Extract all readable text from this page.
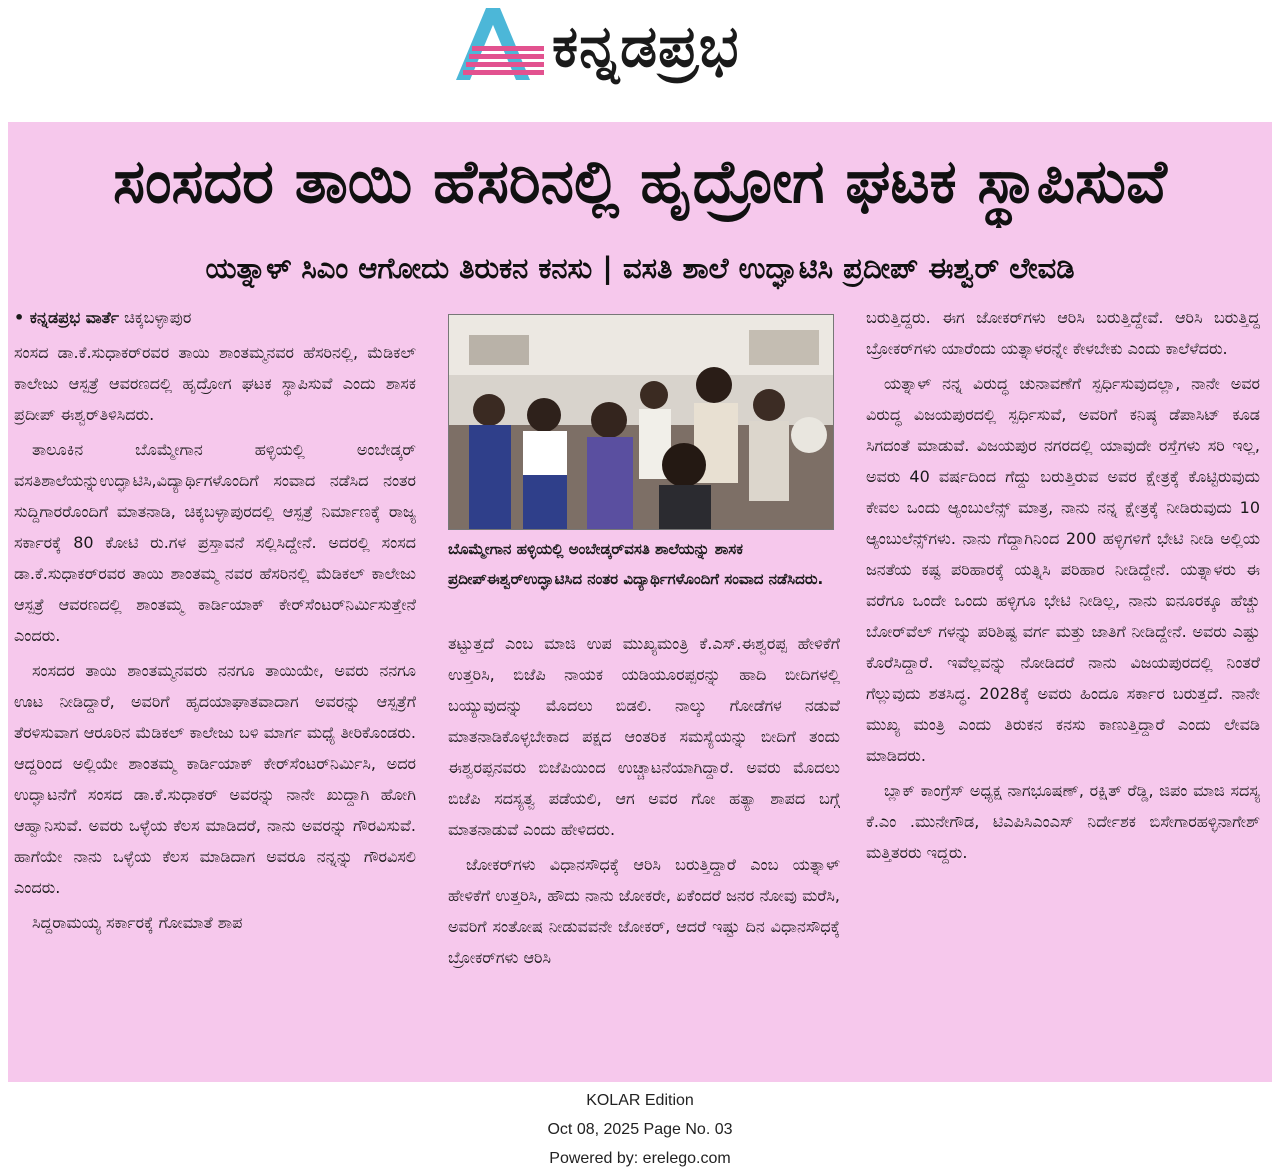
ಕನ್ನಡಪ್ರಭ
ಸಂಸದರ ತಾಯಿ ಹೆಸರಿನಲ್ಲಿ ಹೃದ್ರೋಗ ಘಟಕ ಸ್ಥಾಪಿಸುವೆ
ಯತ್ನಾಳ್ ಸಿಎಂ ಆಗೋದು ತಿರುಕನ ಕನಸು | ವಸತಿ ಶಾಲೆ ಉದ್ಘಾಟಿಸಿ ಪ್ರದೀಪ್ ಈಶ್ವರ್ ಲೇವಡಿ

• ಕನ್ನಡಪ್ರಭ ವಾರ್ತೆ ಚಿಕ್ಕಬಳ್ಳಾಪುರ

ಸಂಸದ ಡಾ.ಕೆ.ಸುಧಾಕರ್‌ರವರ ತಾಯಿ ಶಾಂತಮ್ಮನವರ ಹೆಸರಿನಲ್ಲಿ, ಮೆಡಿಕಲ್ ಕಾಲೇಜು ಆಸ್ಪತ್ರೆ ಆವರಣದಲ್ಲಿ ಹೃದ್ರೋಗ ಘಟಕ ಸ್ಥಾಪಿಸುವೆ ಎಂದು ಶಾಸಕ ಪ್ರದೀಪ್ ಈಶ್ವರ್‌ತಿಳಿಸಿದರು.

ತಾಲೂಕಿನ ಬೊಮ್ಮೇಗಾನ ಹಳ್ಳಿಯಲ್ಲಿ ಅಂಬೇಡ್ಕರ್ ವಸತಿಶಾಲೆಯನ್ನುಉದ್ಘಾಟಿಸಿ,ವಿದ್ಯಾರ್ಥಿಗಳೊಂದಿಗೆ ಸಂವಾದ ನಡೆಸಿದ ನಂತರ ಸುದ್ದಿಗಾರರೊಂದಿಗೆ ಮಾತನಾಡಿ, ಚಿಕ್ಕಬಳ್ಳಾಪುರದಲ್ಲಿ ಆಸ್ಪತ್ರೆ ನಿರ್ಮಾಣಕ್ಕೆ ರಾಜ್ಯ ಸರ್ಕಾರಕ್ಕೆ 80 ಕೋಟಿ ರು.ಗಳ ಪ್ರಸ್ತಾವನೆ ಸಲ್ಲಿಸಿದ್ದೇನೆ. ಅದರಲ್ಲಿ ಸಂಸದ ಡಾ.ಕೆ.ಸುಧಾಕರ್‌ರವರ ತಾಯಿ ಶಾಂತಮ್ಮ ನವರ ಹೆಸರಿನಲ್ಲಿ ಮೆಡಿಕಲ್ ಕಾಲೇಜು ಆಸ್ಪತ್ರೆ ಆವರಣದಲ್ಲಿ ಶಾಂತಮ್ಮ ಕಾರ್ಡಿಯಾಕ್ ಕೇರ್‌ಸೆಂಟರ್‌ನಿರ್ಮಿಸುತ್ತೇನೆ ಎಂದರು.

ಸಂಸದರ ತಾಯಿ ಶಾಂತಮ್ಮನವರು ನನಗೂ ತಾಯಿಯೇ, ಅವರು ನನಗೂ ಊಟ ನೀಡಿದ್ದಾರೆ, ಅವರಿಗೆ ಹೃದಯಾಘಾತವಾದಾಗ ಅವರನ್ನು ಆಸ್ಪತ್ರೆಗೆ ತೆರಳಿಸುವಾಗ ಆರೂರಿನ ಮೆಡಿಕಲ್ ಕಾಲೇಜು ಬಳಿ ಮಾರ್ಗ ಮಧ್ಯೆ ತೀರಿಕೊಂಡರು. ಆದ್ದರಿಂದ ಅಲ್ಲಿಯೇ ಶಾಂತಮ್ಮ ಕಾರ್ಡಿಯಾಕ್ ಕೇರ್‌ಸೆಂಟರ್‌ನಿರ್ಮಿಸಿ, ಅದರ ಉದ್ಘಾಟನೆಗೆ ಸಂಸದ ಡಾ.ಕೆ.ಸುಧಾಕರ್ ಅವರನ್ನು ನಾನೇ ಖುದ್ದಾಗಿ ಹೋಗಿ ಆಹ್ವಾನಿಸುವೆ. ಅವರು ಒಳ್ಳೆಯ ಕೆಲಸ ಮಾಡಿದರೆ, ನಾನು ಅವರನ್ನು ಗೌರವಿಸುವೆ. ಹಾಗೆಯೇ ನಾನು ಒಳ್ಳೆಯ ಕೆಲಸ ಮಾಡಿದಾಗ ಅವರೂ ನನ್ನನ್ನು ಗೌರವಿಸಲಿ ಎಂದರು.

ಸಿದ್ದರಾಮಯ್ಯ ಸರ್ಕಾರಕ್ಕೆ ಗೋಮಾತೆ ಶಾಪ

ಬೊಮ್ಮೇಗಾನ ಹಳ್ಳಿಯಲ್ಲಿ ಅಂಬೇಡ್ಕರ್‌ವಸತಿ ಶಾಲೆಯನ್ನು ಶಾಸಕ ಪ್ರದೀಪ್‌ಈಶ್ವರ್‌ಉದ್ಘಾಟಿಸಿದ ನಂತರ ವಿದ್ಯಾರ್ಥಿಗಳೊಂದಿಗೆ ಸಂವಾದ ನಡೆಸಿದರು.

ತಟ್ಟುತ್ತದೆ ಎಂಬ ಮಾಜಿ ಉಪ ಮುಖ್ಯಮಂತ್ರಿ ಕೆ.ಎಸ್.ಈಶ್ವರಪ್ಪ ಹೇಳಿಕೆಗೆ ಉತ್ತರಿಸಿ, ಬಿಜೆಪಿ ನಾಯಕ ಯಡಿಯೂರಪ್ಪರನ್ನು ಹಾದಿ ಬೀದಿಗಳಲ್ಲಿ ಬಯ್ಯುವುದನ್ನು ಮೊದಲು ಬಿಡಲಿ. ನಾಲ್ಕು ಗೋಡೆಗಳ ನಡುವೆ ಮಾತನಾಡಿಕೊಳ್ಳಬೇಕಾದ ಪಕ್ಷದ ಆಂತರಿಕ ಸಮಸ್ಯೆಯನ್ನು ಬೀದಿಗೆ ತಂದು ಈಶ್ವರಪ್ಪನವರು ಬಿಜೆಪಿಯಿಂದ ಉಚ್ಚಾಟನೆಯಾಗಿದ್ದಾರೆ. ಅವರು ಮೊದಲು ಬಿಜೆಪಿ ಸದಸ್ಯತ್ವ ಪಡೆಯಲಿ, ಆಗ ಅವರ ಗೋ ಹತ್ಯಾ ಶಾಪದ ಬಗ್ಗೆ ಮಾತನಾಡುವೆ ಎಂದು ಹೇಳಿದರು.

ಜೋಕರ್‌ಗಳು ವಿಧಾನಸೌಧಕ್ಕೆ ಆರಿಸಿ ಬರುತ್ತಿದ್ದಾರೆ ಎಂಬ ಯತ್ನಾಳ್ ಹೇಳಿಕೆಗೆ ಉತ್ತರಿಸಿ, ಹೌದು ನಾನು ಜೋಕರೇ, ಏಕೆಂದರೆ ಜನರ ನೋವು ಮರೆಸಿ, ಅವರಿಗೆ ಸಂತೋಷ ನೀಡುವವನೇ ಜೋಕರ್, ಆದರೆ ಇಷ್ಟು ದಿನ ವಿಧಾನಸೌಧಕ್ಕೆ ಬ್ರೋಕರ್‌ಗಳು ಆರಿಸಿ

ಬರುತ್ತಿದ್ದರು. ಈಗ ಜೋಕರ್‌ಗಳು ಆರಿಸಿ ಬರುತ್ತಿದ್ದೇವೆ. ಆರಿಸಿ ಬರುತ್ತಿದ್ದ ಬ್ರೋಕರ್‌ಗಳು ಯಾರೆಂದು ಯತ್ನಾಳರನ್ನೇ ಕೇಳಬೇಕು ಎಂದು ಕಾಲೆಳೆದರು.

ಯತ್ನಾಳ್ ನನ್ನ ವಿರುದ್ಧ ಚುನಾವಣೆಗೆ ಸ್ಪರ್ಧಿಸುವುದಲ್ಲಾ, ನಾನೇ ಅವರ ವಿರುದ್ಧ ವಿಜಯಪುರದಲ್ಲಿ ಸ್ಪರ್ಧಿಸುವೆ, ಅವರಿಗೆ ಕನಿಷ್ಠ ಡೆಪಾಸಿಟ್ ಕೂಡ ಸಿಗದಂತೆ ಮಾಡುವೆ. ವಿಜಯಪುರ ನಗರದಲ್ಲಿ ಯಾವುದೇ ರಸ್ತೆಗಳು ಸರಿ ಇಲ್ಲ, ಅವರು 40 ವರ್ಷದಿಂದ ಗೆದ್ದು ಬರುತ್ತಿರುವ ಅವರ ಕ್ಷೇತ್ರಕ್ಕೆ ಕೊಟ್ಟಿರುವುದು ಕೇವಲ ಒಂದು ಆ್ಯಂಬುಲೆನ್ಸ್ ಮಾತ್ರ, ನಾನು ನನ್ನ ಕ್ಷೇತ್ರಕ್ಕೆ ನೀಡಿರುವುದು 10 ಆ್ಯಂಬುಲೆನ್ಸ್‌ಗಳು. ನಾನು ಗೆದ್ದಾಗಿನಿಂದ 200 ಹಳ್ಳಿಗಳಿಗೆ ಭೇಟಿ ನೀಡಿ ಅಲ್ಲಿಯ ಜನತೆಯ ಕಷ್ಟ ಪರಿಹಾರಕ್ಕೆ ಯತ್ನಿಸಿ ಪರಿಹಾರ ನೀಡಿದ್ದೇನೆ. ಯತ್ನಾಳರು ಈ ವರೆಗೂ ಒಂದೇ ಒಂದು ಹಳ್ಳಿಗೂ ಭೇಟಿ ನೀಡಿಲ್ಲ, ನಾನು ಐನೂರಕ್ಕೂ ಹೆಚ್ಚು ಬೋರ್‌ವೆಲ್ ಗಳನ್ನು ಪರಿಶಿಷ್ಟ ವರ್ಗ ಮತ್ತು ಜಾತಿಗೆ ನೀಡಿದ್ದೇನೆ. ಅವರು ಎಷ್ಟು ಕೊರೆಸಿದ್ದಾರೆ. ಇವೆಲ್ಲವನ್ನು ನೋಡಿದರೆ ನಾನು ವಿಜಯಪುರದಲ್ಲಿ ನಿಂತರೆ ಗೆಲ್ಲುವುದು ಶತಸಿದ್ಧ. 2028ಕ್ಕೆ ಅವರು ಹಿಂದೂ ಸರ್ಕಾರ ಬರುತ್ತದೆ. ನಾನೇ ಮುಖ್ಯ ಮಂತ್ರಿ ಎಂದು ತಿರುಕನ ಕನಸು ಕಾಣುತ್ತಿದ್ದಾರೆ ಎಂದು ಲೇವಡಿ ಮಾಡಿದರು.

ಬ್ಲಾಕ್ ಕಾಂಗ್ರೆಸ್ ಅಧ್ಯಕ್ಷ ನಾಗಭೂಷಣ್, ರಕ್ಷಿತ್ ರೆಡ್ಡಿ, ಜಿಪಂ ಮಾಜಿ ಸದಸ್ಯ ಕೆ.ಎಂ .ಮುನೇಗೌಡ, ಟಿಎಪಿಸಿಎಂಎಸ್ ನಿರ್ದೇಶಕ ಬಿಸೇಗಾರಹಳ್ಳಿನಾಗೇಶ್ ಮತ್ತಿತರರು ಇದ್ದರು.

KOLAR Edition
Oct 08, 2025 Page No. 03
Powered by: erelego.com
